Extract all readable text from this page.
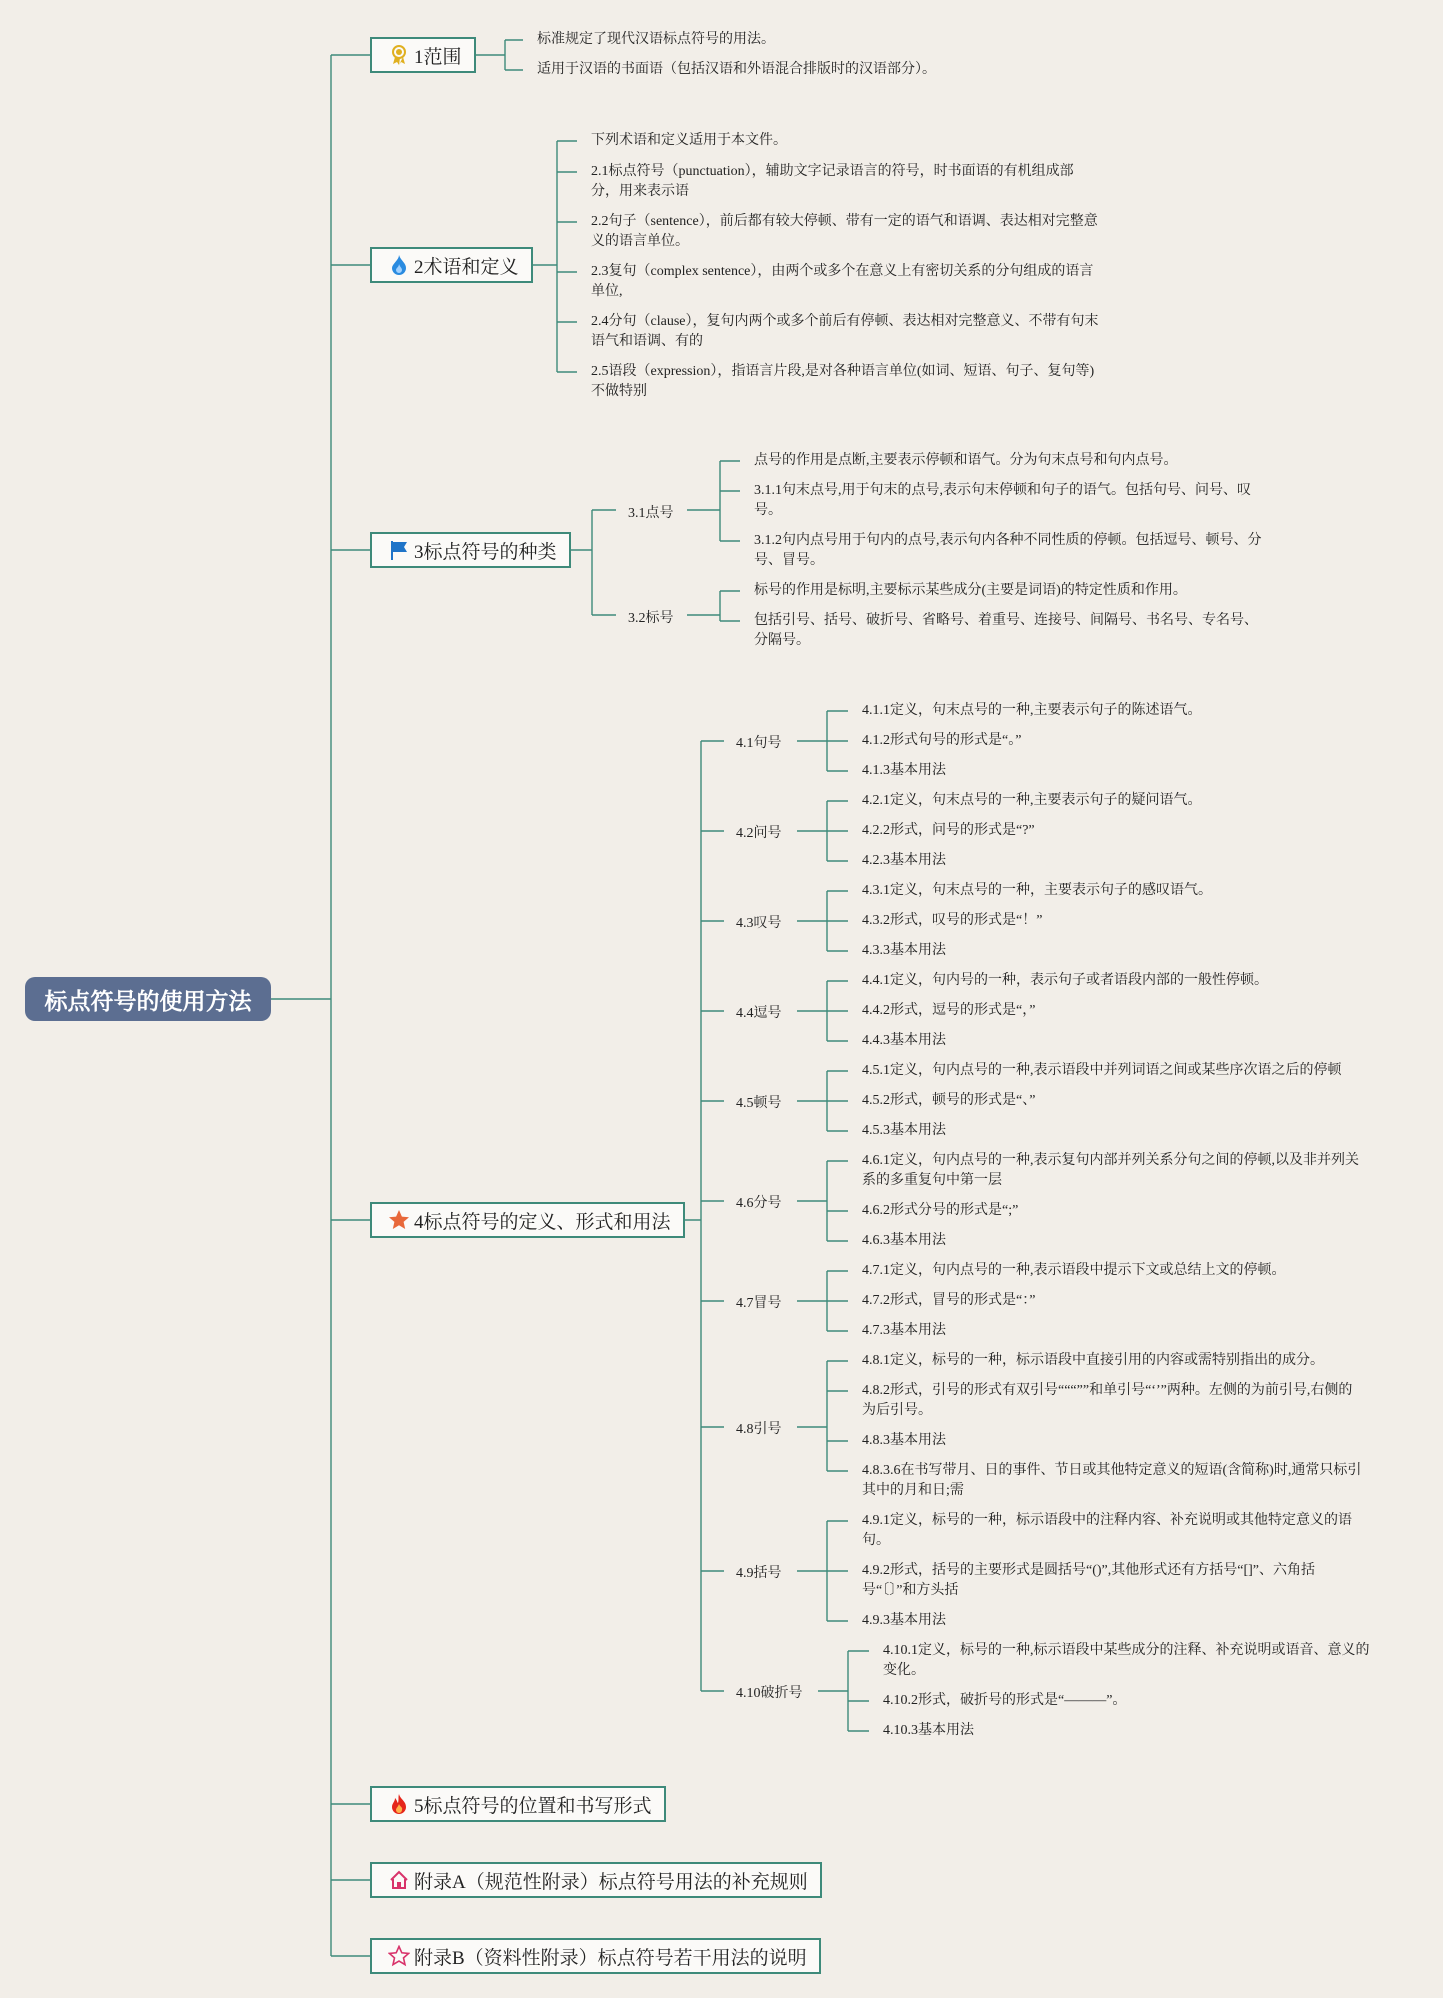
标点符号的使用方法
1范围
2术语和定义
3标点符号的种类
4标点符号的定义、形式和用法
5标点符号的位置和书写形式
附录A（规范性附录）标点符号用法的补充规则
附录B（资料性附录）标点符号若干用法的说明
标准规定了现代汉语标点符号的用法。
适用于汉语的书面语（包括汉语和外语混合排版时的汉语部分）。
下列术语和定义适用于本文件。
2.1标点符号（punctuation），辅助文字记录语言的符号，时书面语的有机组成部分，用来表示语
2.2句子（sentence），前后都有较大停顿、带有一定的语气和语调、表达相对完整意义的语言单位。
2.3复句（complex sentence），由两个或多个在意义上有密切关系的分句组成的语言单位,
2.4分句（clause），复句内两个或多个前后有停顿、表达相对完整意义、不带有句末语气和语调、有的
2.5语段（expression），指语言片段,是对各种语言单位(如词、短语、句子、复句等)不做特别
3.1点号
3.2标号
点号的作用是点断,主要表示停顿和语气。分为句末点号和句内点号。
3.1.1句末点号,用于句末的点号,表示句末停顿和句子的语气。包括句号、问号、叹号。
3.1.2句内点号用于句内的点号,表示句内各种不同性质的停顿。包括逗号、顿号、分号、冒号。
标号的作用是标明,主要标示某些成分(主要是词语)的特定性质和作用。
包括引号、括号、破折号、省略号、着重号、连接号、间隔号、书名号、专名号、分隔号。
4.1句号
4.1.1定义，句末点号的一种,主要表示句子的陈述语气。
4.1.2形式句号的形式是“。”
4.1.3基本用法
4.2问号
4.2.1定义，句末点号的一种,主要表示句子的疑问语气。
4.2.2形式，问号的形式是“?”
4.2.3基本用法
4.3叹号
4.3.1定义，句末点号的一种，主要表示句子的感叹语气。
4.3.2形式，叹号的形式是“！”
4.3.3基本用法
4.4逗号
4.4.1定义，句内号的一种，表示句子或者语段内部的一般性停顿。
4.4.2形式，逗号的形式是“，”
4.4.3基本用法
4.5顿号
4.5.1定义，句内点号的一种,表示语段中并列词语之间或某些序次语之后的停顿
4.5.2形式，顿号的形式是“、”
4.5.3基本用法
4.6分号
4.6.1定义，句内点号的一种,表示复句内部并列关系分句之间的停顿,以及非并列关系的多重复句中第一层
4.6.2形式分号的形式是“;”
4.6.3基本用法
4.7冒号
4.7.1定义，句内点号的一种,表示语段中提示下文或总结上文的停顿。
4.7.2形式，冒号的形式是“：”
4.7.3基本用法
4.8引号
4.8.1定义，标号的一种，标示语段中直接引用的内容或需特别指出的成分。
4.8.2形式，引号的形式有双引号“““””和单引号“‘’”两种。左侧的为前引号,右侧的为后引号。
4.8.3基本用法
4.8.3.6在书写带月、日的事件、节日或其他特定意义的短语(含简称)时,通常只标引其中的月和日;需
4.9括号
4.9.1定义，标号的一种，标示语段中的注释内容、补充说明或其他特定意义的语句。
4.9.2形式，括号的主要形式是圆括号“()”,其他形式还有方括号“[]”、六角括号“〔〕”和方头括
4.9.3基本用法
4.10破折号
4.10.1定义，标号的一种,标示语段中某些成分的注释、补充说明或语音、意义的变化。
4.10.2形式，破折号的形式是“———”。
4.10.3基本用法
